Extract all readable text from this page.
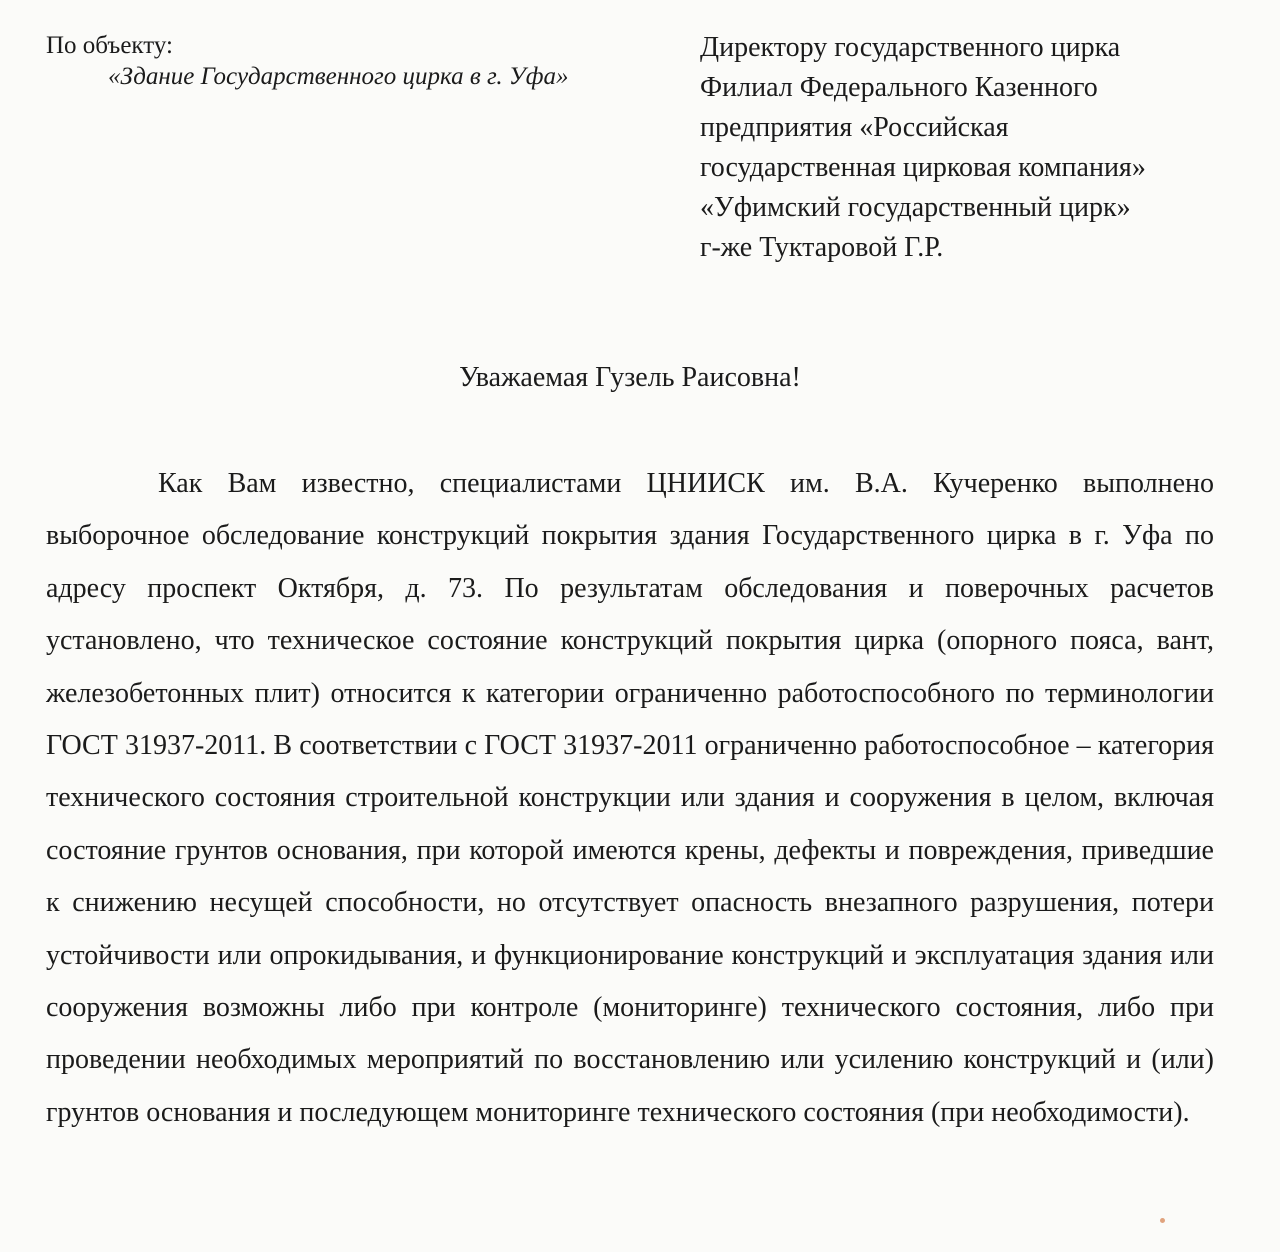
По объекту:

«Здание Государственного цирка в г. Уфа»

Директору государственного цирка
Филиал Федерального Казенного
предприятия «Российская
государственная цирковая компания»
«Уфимский государственный цирк»
г-же Туктаровой Г.Р.
Уважаемая Гузель Раисовна!

Как Вам известно, специалистами ЦНИИСК им. В.А. Кучеренко выполнено выборочное обследование конструкций покрытия здания Государственного цирка в г. Уфа по адресу проспект Октября, д. 73. По результатам обследования и поверочных расчетов установлено, что техническое состояние конструкций покрытия цирка (опорного пояса, вант, железобетонных плит) относится к категории ограниченно работоспособного по терминологии ГОСТ 31937-2011. В соответствии с ГОСТ 31937-2011 ограниченно работоспособное – категория технического состояния строительной конструкции или здания и сооружения в целом, включая состояние грунтов основания, при которой имеются крены, дефекты и повреждения, приведшие к снижению несущей способности, но отсутствует опасность внезапного разрушения, потери устойчивости или опрокидывания, и функционирование конструкций и эксплуатация здания или сооружения возможны либо при контроле (мониторинге) технического состояния, либо при проведении необходимых мероприятий по восстановлению или усилению конструкций и (или) грунтов основания и последующем мониторинге технического состояния (при необходимости).
